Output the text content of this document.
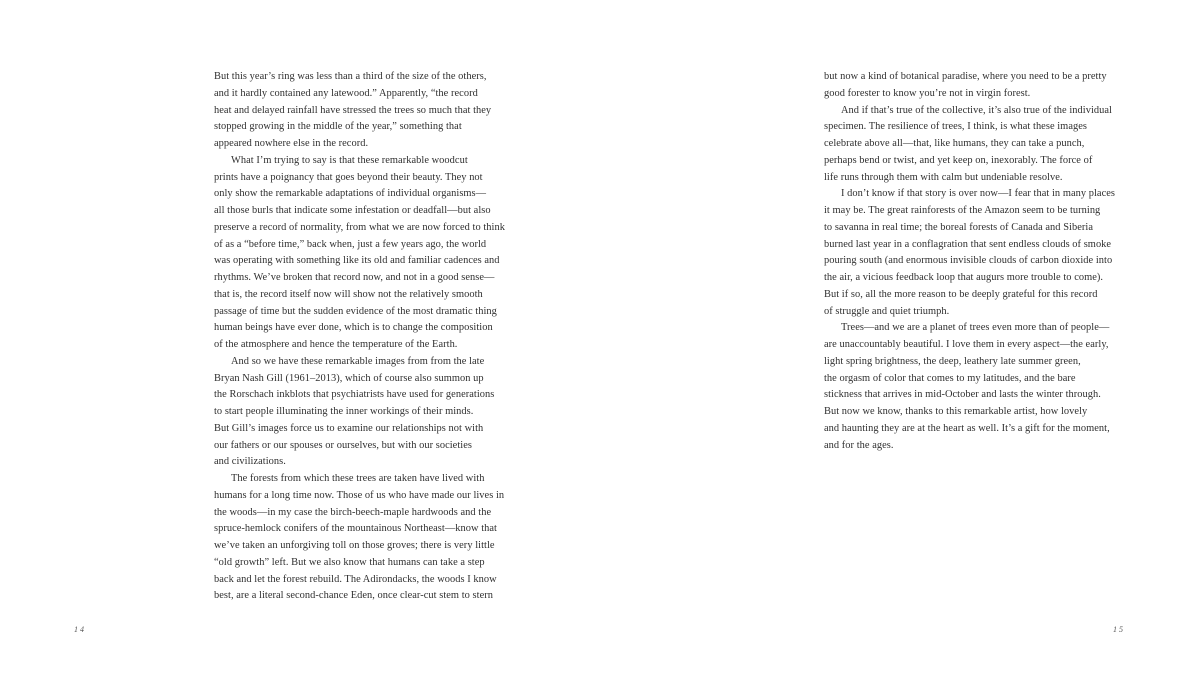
But this year’s ring was less than a third of the size of the others,
and it hardly contained any latewood.” Apparently, “the record
heat and delayed rainfall have stressed the trees so much that they
stopped growing in the middle of the year,” something that
appeared nowhere else in the record.
What I’m trying to say is that these remarkable woodcut
prints have a poignancy that goes beyond their beauty. They not
only show the remarkable adaptations of individual organisms—
all those burls that indicate some infestation or deadfall—but also
preserve a record of normality, from what we are now forced to think
of as a “before time,” back when, just a few years ago, the world
was operating with something like its old and familiar cadences and
rhythms. We’ve broken that record now, and not in a good sense—
that is, the record itself now will show not the relatively smooth
passage of time but the sudden evidence of the most dramatic thing
human beings have ever done, which is to change the composition
of the atmosphere and hence the temperature of the Earth.
And so we have these remarkable images from from the late
Bryan Nash Gill (1961–2013), which of course also summon up
the Rorschach inkblots that psychiatrists have used for generations
to start people illuminating the inner workings of their minds.
But Gill’s images force us to examine our relationships not with
our fathers or our spouses or ourselves, but with our societies
and civilizations.
The forests from which these trees are taken have lived with
humans for a long time now. Those of us who have made our lives in
the woods—in my case the birch-beech-maple hardwoods and the
spruce-hemlock conifers of the mountainous Northeast—know that
we’ve taken an unforgiving toll on those groves; there is very little
“old growth” left. But we also know that humans can take a step
back and let the forest rebuild. The Adirondacks, the woods I know
best, are a literal second-chance Eden, once clear-cut stem to stern
14
but now a kind of botanical paradise, where you need to be a pretty
good forester to know you’re not in virgin forest.
And if that’s true of the collective, it’s also true of the individual
specimen. The resilience of trees, I think, is what these images
celebrate above all—that, like humans, they can take a punch,
perhaps bend or twist, and yet keep on, inexorably. The force of
life runs through them with calm but undeniable resolve.
I don’t know if that story is over now—I fear that in many places
it may be. The great rainforests of the Amazon seem to be turning
to savanna in real time; the boreal forests of Canada and Siberia
burned last year in a conflagration that sent endless clouds of smoke
pouring south (and enormous invisible clouds of carbon dioxide into
the air, a vicious feedback loop that augurs more trouble to come).
But if so, all the more reason to be deeply grateful for this record
of struggle and quiet triumph.
Trees—and we are a planet of trees even more than of people—
are unaccountably beautiful. I love them in every aspect—the early,
light spring brightness, the deep, leathery late summer green,
the orgasm of color that comes to my latitudes, and the bare
stickness that arrives in mid-October and lasts the winter through.
But now we know, thanks to this remarkable artist, how lovely
and haunting they are at the heart as well. It’s a gift for the moment,
and for the ages.
15
